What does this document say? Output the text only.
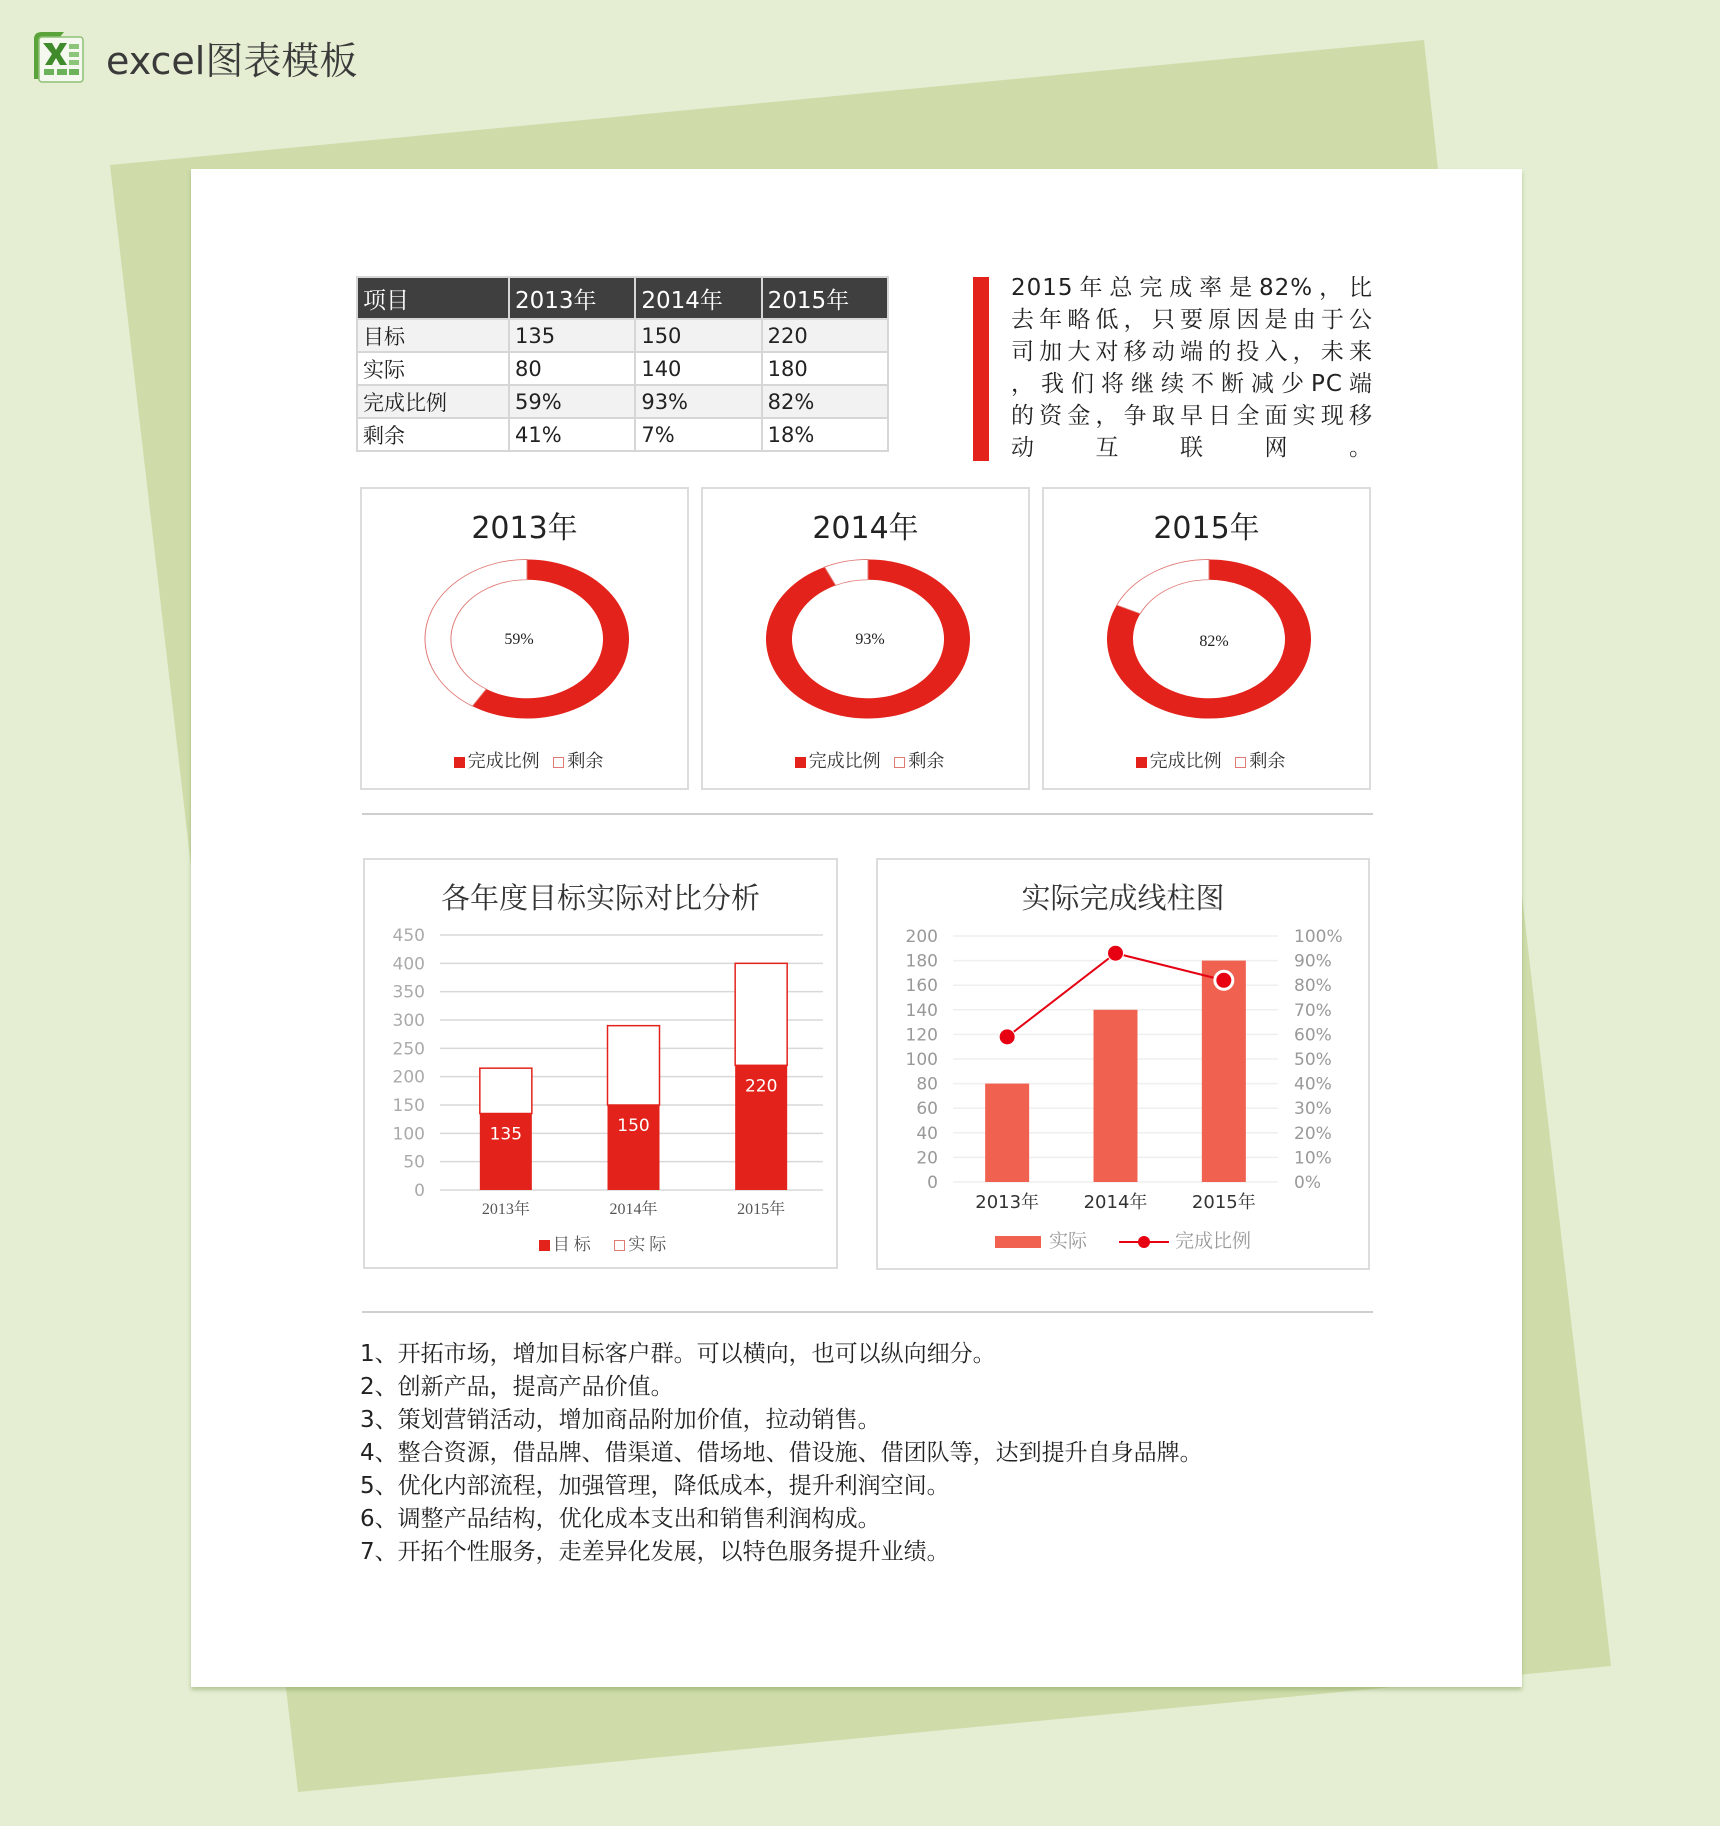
excel图表模板
项目	2013年	2014年	2015年
目标	135	150	220
实际	80	140	180
完成比例	59%	93%	82%
剩余	41%	7%	18%
2015年总完成率是82%，比
去年略低，只要原因是由于公
司加大对移动端的投入，未来
，我们将继续不断减少PC端
的资金，争取早日全面实现移
动互联网。
2013年
59%
完成比例 剩余
2014年
93%
完成比例 剩余
2015年
82%
完成比例 剩余
各年度目标实际对比分析
450
400
350
300
250
200
150
100
50
0
135
2013年
150
2014年
220
2015年
目标 实际
实际完成线柱图
200	100%
180	90%
160	80%
140	70%
120	60%
100	50%
80	40%
60	30%
40	20%
20	10%
0	0%
2013年 2014年 2015年
实际	完成比例
1、开拓市场，增加目标客户群。可以横向，也可以纵向细分。
2、创新产品，提高产品价值。
3、策划营销活动，增加商品附加价值，拉动销售。
4、整合资源，借品牌、借渠道、借场地、借设施、借团队等，达到提升自身品牌。
5、优化内部流程，加强管理，降低成本，提升利润空间。
6、调整产品结构，优化成本支出和销售利润构成。
7、开拓个性服务，走差异化发展，以特色服务提升业绩。
